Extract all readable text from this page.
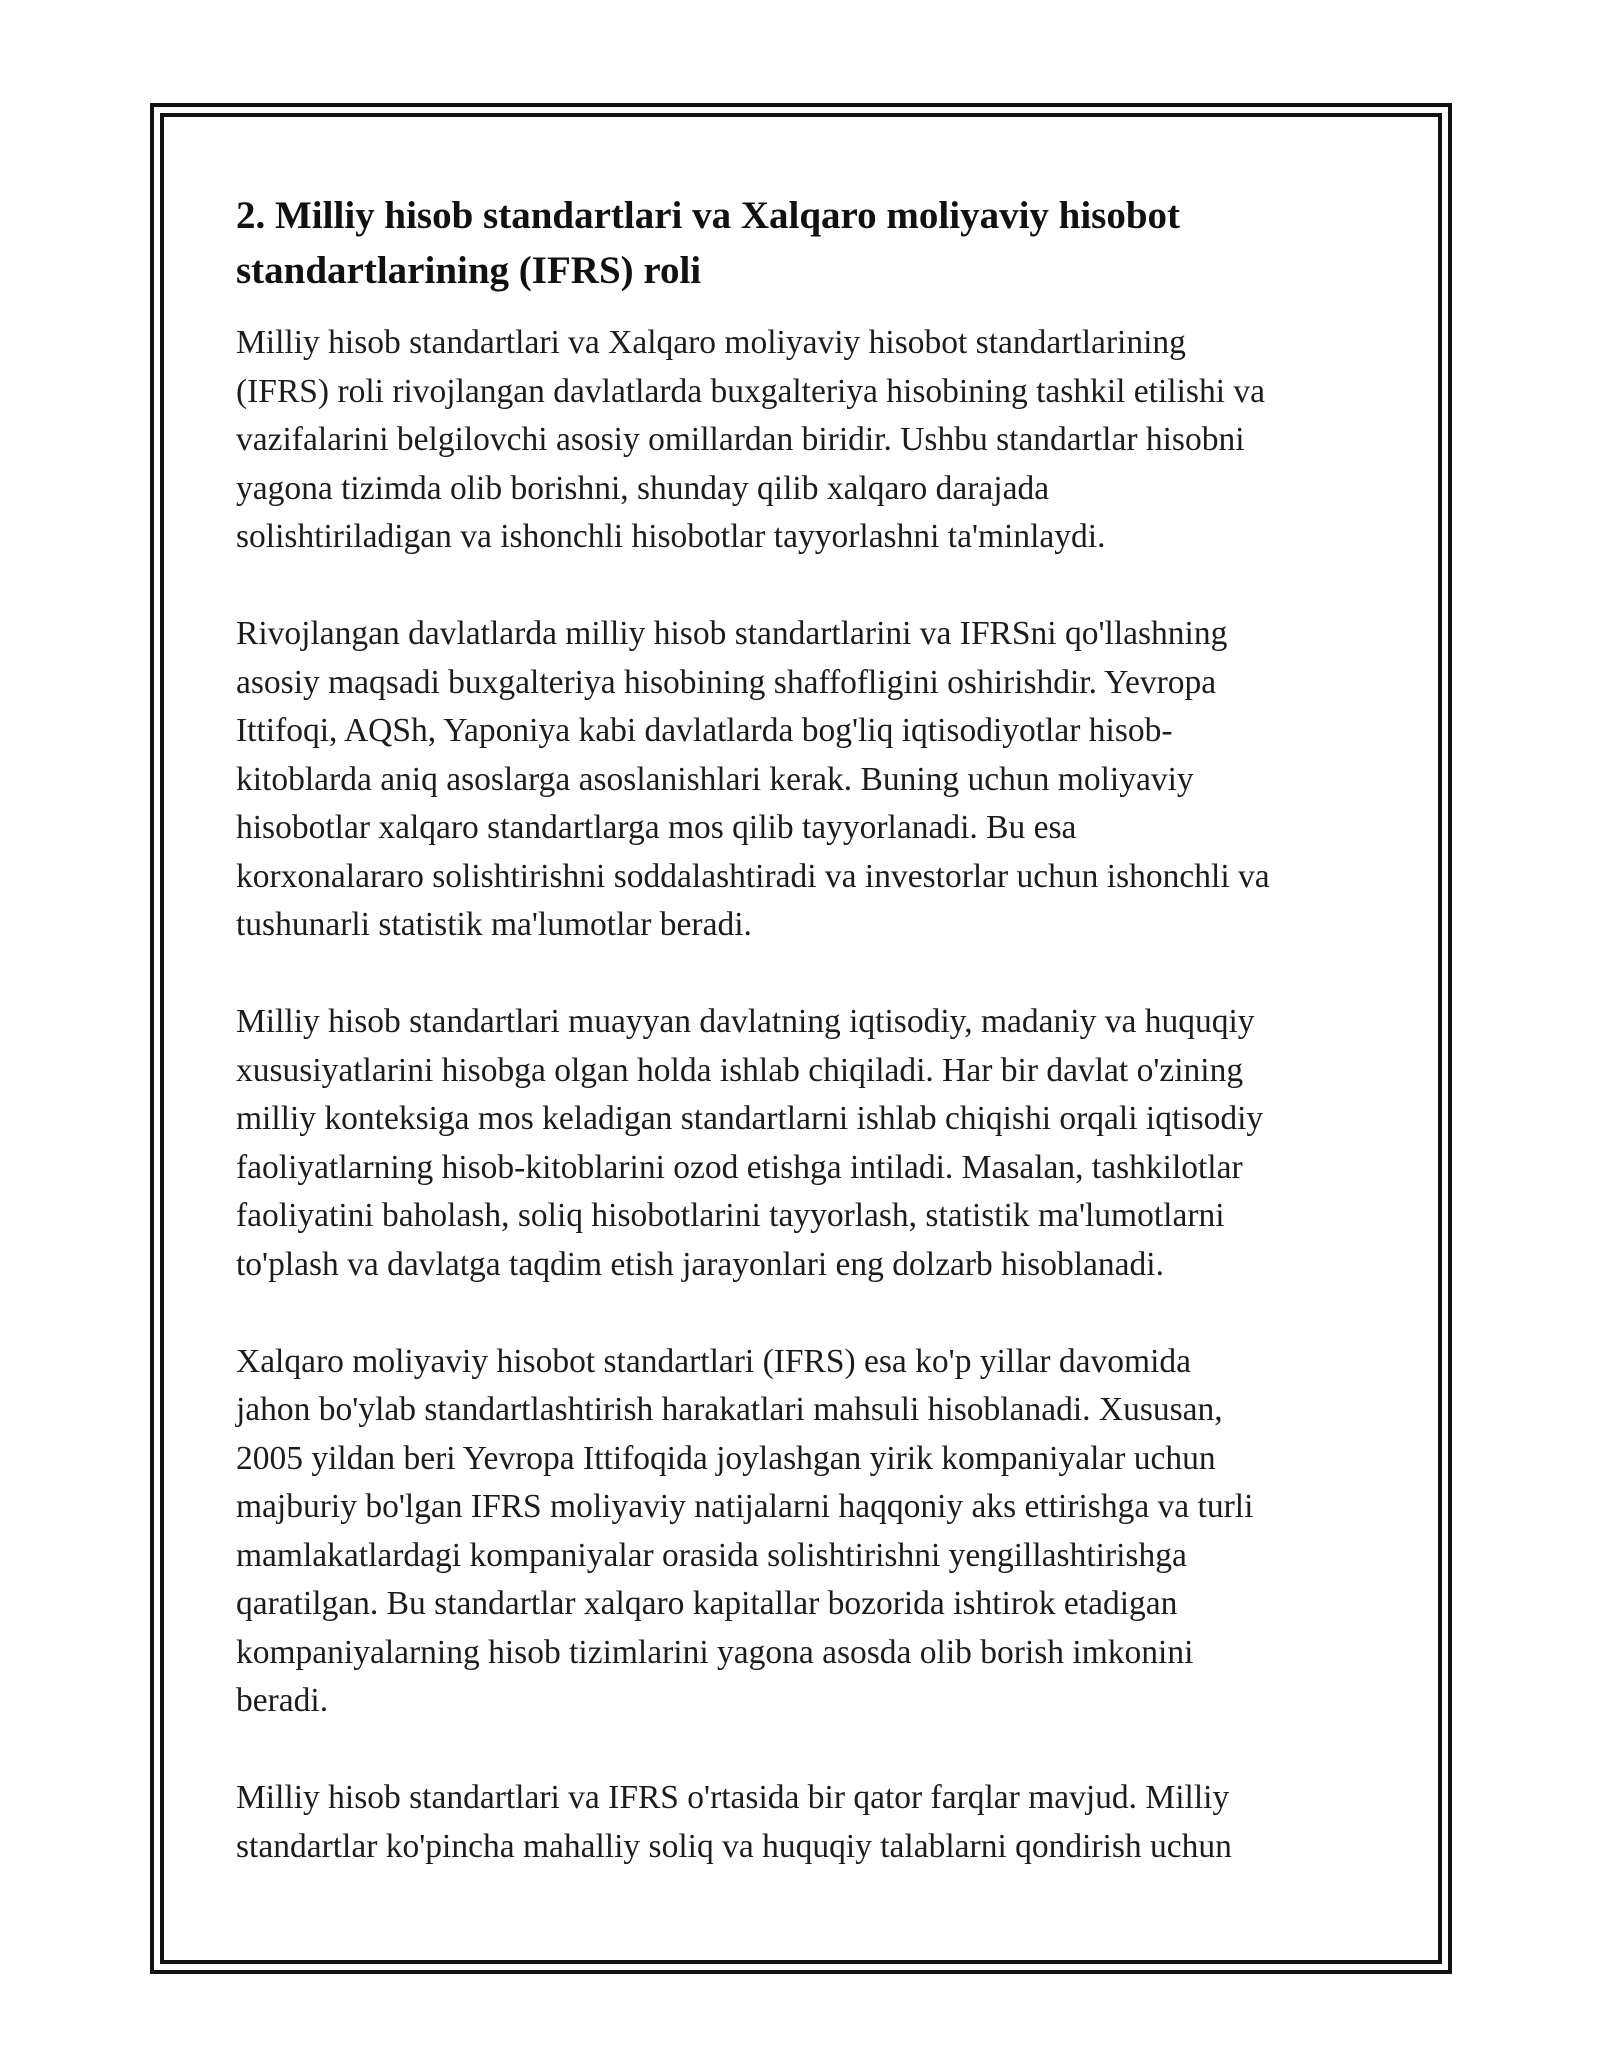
2. Milliy hisob standartlari va Xalqaro moliyaviy hisobot
standartlarining (IFRS) roli
Milliy hisob standartlari va Xalqaro moliyaviy hisobot standartlarining
(IFRS) roli rivojlangan davlatlarda buxgalteriya hisobining tashkil etilishi va
vazifalarini belgilovchi asosiy omillardan biridir. Ushbu standartlar hisobni
yagona tizimda olib borishni, shunday qilib xalqaro darajada
solishtiriladigan va ishonchli hisobotlar tayyorlashni ta'minlaydi.
Rivojlangan davlatlarda milliy hisob standartlarini va IFRSni qo'llashning
asosiy maqsadi buxgalteriya hisobining shaffofligini oshirishdir. Yevropa
Ittifoqi, AQSh, Yaponiya kabi davlatlarda bog'liq iqtisodiyotlar hisob-
kitoblarda aniq asoslarga asoslanishlari kerak. Buning uchun moliyaviy
hisobotlar xalqaro standartlarga mos qilib tayyorlanadi. Bu esa
korxonalararo solishtirishni soddalashtiradi va investorlar uchun ishonchli va
tushunarli statistik ma'lumotlar beradi.
Milliy hisob standartlari muayyan davlatning iqtisodiy, madaniy va huquqiy
xususiyatlarini hisobga olgan holda ishlab chiqiladi. Har bir davlat o'zining
milliy konteksiga mos keladigan standartlarni ishlab chiqishi orqali iqtisodiy
faoliyatlarning hisob-kitoblarini ozod etishga intiladi. Masalan, tashkilotlar
faoliyatini baholash, soliq hisobotlarini tayyorlash, statistik ma'lumotlarni
to'plash va davlatga taqdim etish jarayonlari eng dolzarb hisoblanadi.
Xalqaro moliyaviy hisobot standartlari (IFRS) esa ko'p yillar davomida
jahon bo'ylab standartlashtirish harakatlari mahsuli hisoblanadi. Xususan,
2005 yildan beri Yevropa Ittifoqida joylashgan yirik kompaniyalar uchun
majburiy bo'lgan IFRS moliyaviy natijalarni haqqoniy aks ettirishga va turli
mamlakatlardagi kompaniyalar orasida solishtirishni yengillashtirishga
qaratilgan. Bu standartlar xalqaro kapitallar bozorida ishtirok etadigan
kompaniyalarning hisob tizimlarini yagona asosda olib borish imkonini
beradi.
Milliy hisob standartlari va IFRS o'rtasida bir qator farqlar mavjud. Milliy
standartlar ko'pincha mahalliy soliq va huquqiy talablarni qondirish uchun
